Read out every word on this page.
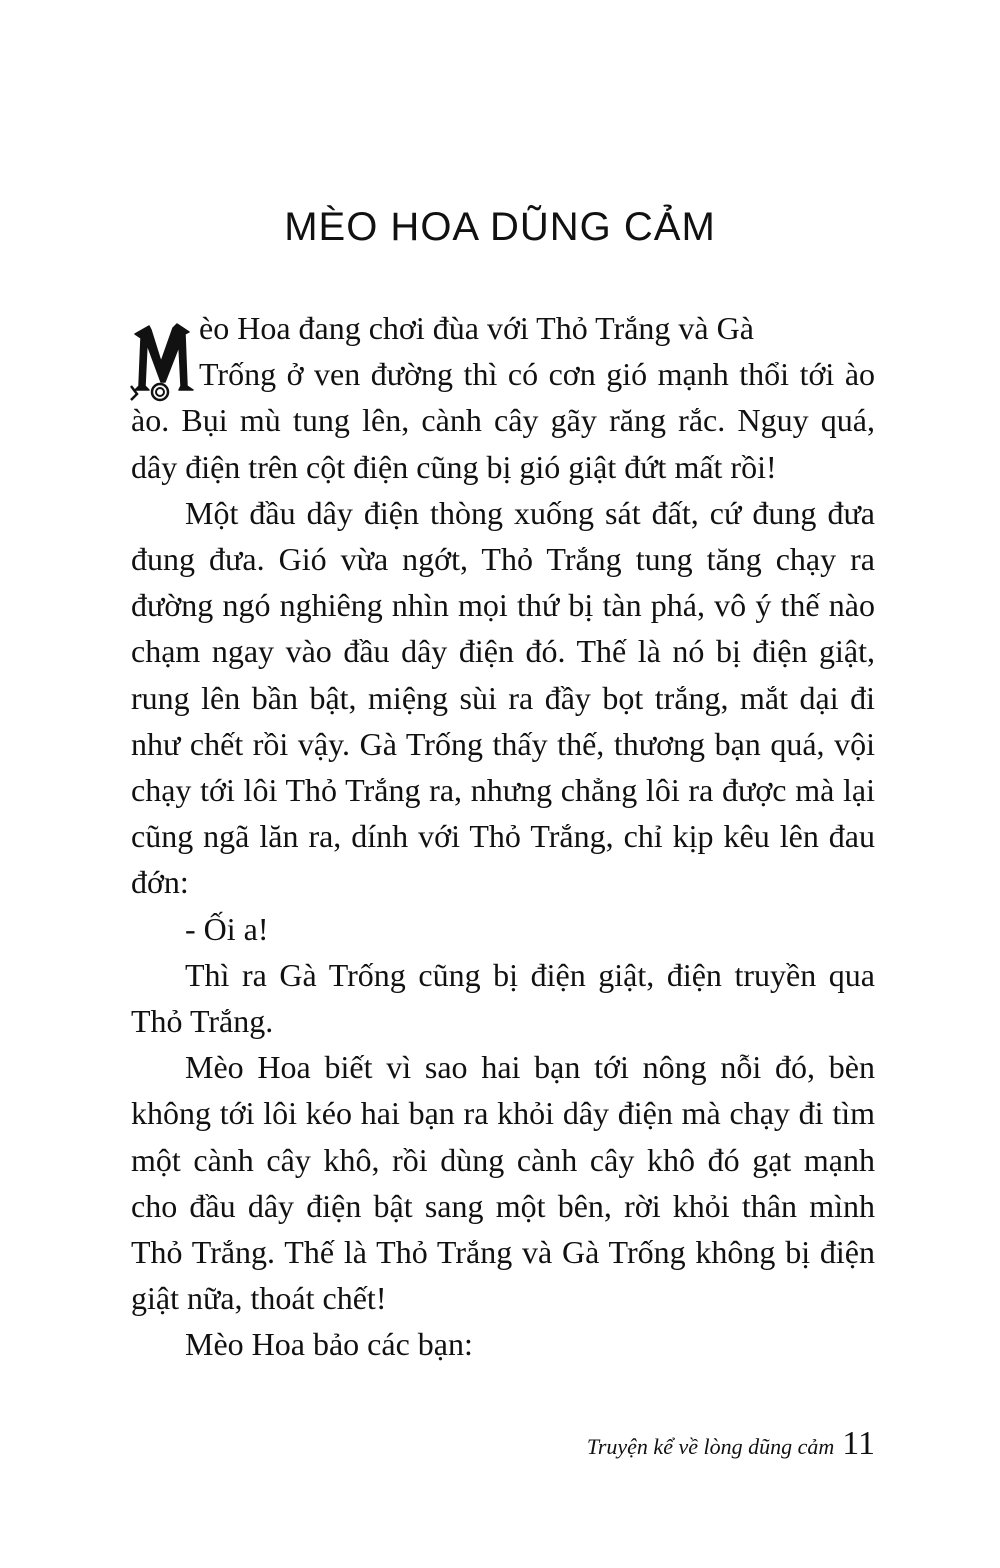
MÈO HOA DŨNG CẢM

èo Hoa đang chơi đùa với Thỏ Trắng và Gà
Trống ở ven đường thì có cơn gió mạnh thổi tới ào ào. Bụi mù tung lên, cành cây gãy răng rắc. Nguy quá, dây điện trên cột điện cũng bị gió giật đứt mất rồi!

Một đầu dây điện thòng xuống sát đất, cứ đung đưa đung đưa. Gió vừa ngớt, Thỏ Trắng tung tăng chạy ra đường ngó nghiêng nhìn mọi thứ bị tàn phá, vô ý thế nào chạm ngay vào đầu dây điện đó. Thế là nó bị điện giật, rung lên bần bật, miệng sùi ra đầy bọt trắng, mắt dại đi như chết rồi vậy. Gà Trống thấy thế, thương bạn quá, vội chạy tới lôi Thỏ Trắng ra, nhưng chẳng lôi ra được mà lại cũng ngã lăn ra, dính với Thỏ Trắng, chỉ kịp kêu lên đau đớn:

- Ối a!

Thì ra Gà Trống cũng bị điện giật, điện truyền qua Thỏ Trắng.

Mèo Hoa biết vì sao hai bạn tới nông nỗi đó, bèn không tới lôi kéo hai bạn ra khỏi dây điện mà chạy đi tìm một cành cây khô, rồi dùng cành cây khô đó gạt mạnh cho đầu dây điện bật sang một bên, rời khỏi thân mình Thỏ Trắng. Thế là Thỏ Trắng và Gà Trống không bị điện giật nữa, thoát chết!

Mèo Hoa bảo các bạn:

Truyện kể về lòng dũng cảm 11
